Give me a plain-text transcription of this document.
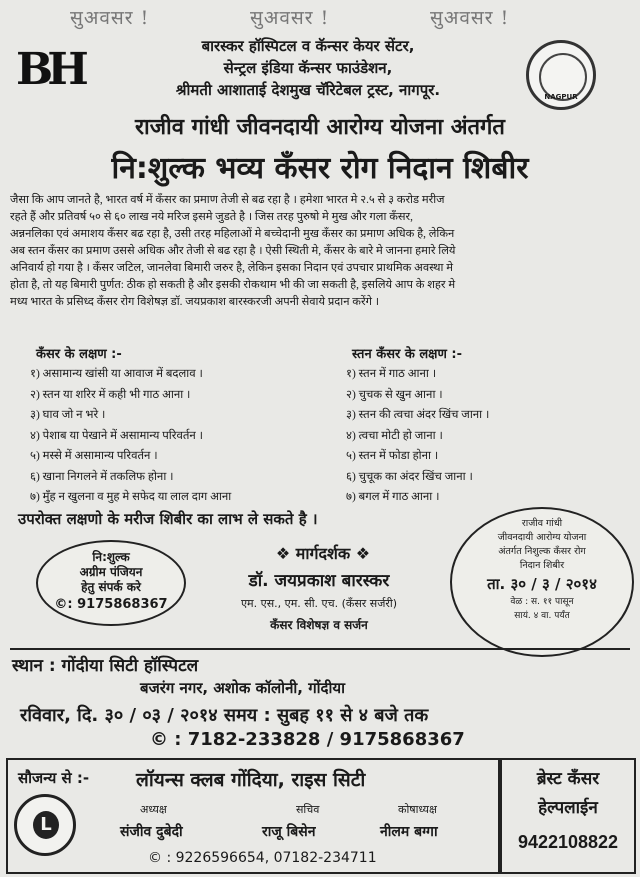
सुअवसर !	सुअवसर !	सुअवसर !
BH
NAGPUR
बारस्कर हॉस्पिटल व कॅन्सर केयर सेंटर,
सेन्ट्रल इंडिया कॅन्सर फाउंडेशन,
श्रीमती आशाताई देशमुख चॅरिटेबल ट्रस्ट, नागपूर.
राजीव गांधी जीवनदायी आरोग्य योजना अंतर्गत
नि:शुल्क भव्य कॅंसर रोग निदान शिबीर
जैसा कि आप जानते है, भारत वर्ष में कॅंसर का प्रमाण तेजी से बढ रहा है । हमेशा भारत मे २.५ से ३ करोड मरीज
रहते हैं और प्रतिवर्ष ५० से ६० लाख नये मरिज इसमे जुडते है । जिस तरह पुरुषो मे मुख और गला कॅंसर,
अन्ननलिका एवं अमाशय कॅंसर बढ रहा है, उसी तरह महिलाओं मे बच्चेदानी मुख कॅंसर का प्रमाण अधिक है, लेकिन
अब स्तन कॅंसर का प्रमाण उससे अधिक और तेजी से बढ रहा है । ऐसी स्थिती मे, कॅंसर के बारे मे जानना हमारे लिये
अनिवार्य हो गया है । कॅंसर जटिल, जानलेवा बिमारी जरुर है, लेकिन इसका निदान एवं उपचार प्राथमिक अवस्था मे
होता है, तो यह बिमारी पुर्णत: ठीक हो सकती है और इसकी रोकथाम भी की जा सकती है, इसलिये आप के शहर मे
मध्य भारत के प्रसिध्द कॅंसर रोग विशेषज्ञ डॉ. जयप्रकाश बारस्करजी अपनी सेवाये प्रदान करेंगे ।
कॅंसर के लक्षण :-
१) असामान्य खांसी या आवाज में बदलाव ।
२) स्तन या शरिर में कही भी गाठ आना ।
३) घाव जो न भरे ।
४) पेशाब या पेखाने में असामान्य परिवर्तन ।
५) मस्से में असामान्य परिवर्तन ।
६) खाना निगलने में तकलिफ होना ।
७) मुँह न खुलना व मुह मे सफेद या लाल दाग आना
स्तन कॅंसर के लक्षण :-
१) स्तन में गाठ आना ।
२) चुचक से खुन आना ।
३) स्तन की त्वचा अंदर खिंच जाना ।
४) त्वचा मोटी हो जाना ।
५) स्तन में फोडा होना ।
६) चुचूक का अंदर खिंच जाना ।
७) बगल में गाठ आना ।
उपरोक्त लक्षणो के मरीज शिबीर का लाभ ले सकते है ।
नि:शुल्क
अग्रीम पंजियन
हेतु संपर्क करे
©: 9175868367
❖ मार्गदर्शक ❖
डॉ. जयप्रकाश बारस्कर
एम. एस., एम. सी. एच. (कॅंसर सर्जरी)
कॅंसर विशेषज्ञ व सर्जन
राजीव गांधी
जीवनदायी आरोग्य योजना
अंतर्गत निशुल्क कॅंसर रोग
निदान शिबीर
ता. ३० / ३ / २०१४
वेळ : स. ११ पासून
सायं. ४ वा. पर्यंत
स्थान : गोंदीया सिटी हॉस्पिटल
बजरंग नगर, अशोक कॉलोनी, गोंदीया
रविवार, दि. ३० / ०३ / २०१४ समय : सुबह ११ से ४ बजे तक
© : 7182-233828 / 9175868367
सौजन्य से :- लॉयन्स क्लब गोंदिया, राइस सिटी
अध्यक्ष	सचिव	कोषाध्यक्ष
संजीव दुबेदी	राजू बिसेन	नीलम बग्गा
© : 9226596654, 07182-234711
L
ब्रेस्ट कॅंसर
हेल्पलाईन
9422108822
